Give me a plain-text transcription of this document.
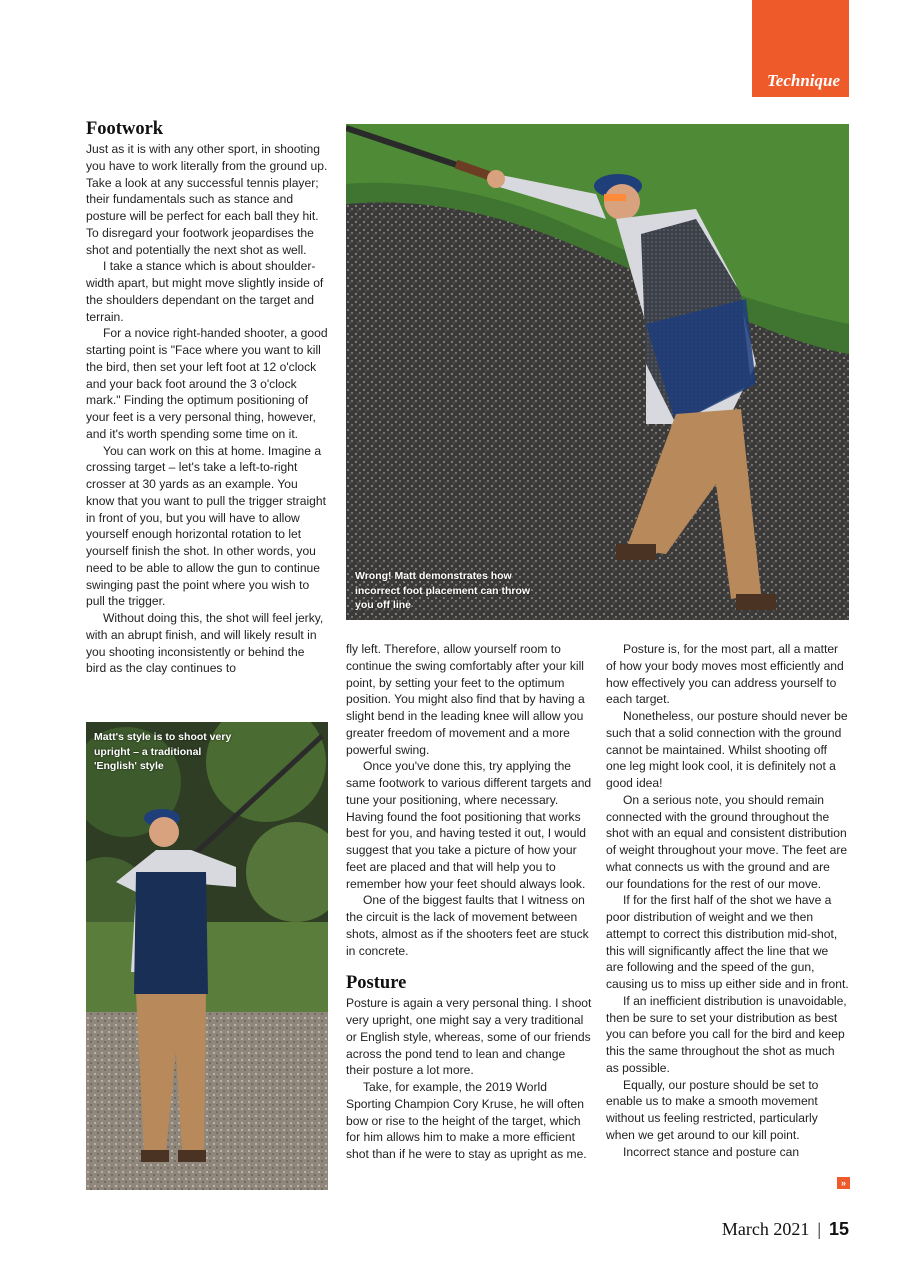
Technique
Wrong! Matt demonstrates how incorrect foot placement can throw you off line
Matt's style is to shoot very upright – a traditional 'English' style
Footwork

Just as it is with any other sport, in shooting you have to work literally from the ground up. Take a look at any successful tennis player; their fundamentals such as stance and posture will be perfect for each ball they hit. To disregard your footwork jeopardises the shot and potentially the next shot as well.

I take a stance which is about shoulder-width apart, but might move slightly inside of the shoulders dependant on the target and terrain.

For a novice right-handed shooter, a good starting point is "Face where you want to kill the bird, then set your left foot at 12 o'clock and your back foot around the 3 o'clock mark." Finding the optimum positioning of your feet is a very personal thing, however, and it's worth spending some time on it.

You can work on this at home. Imagine a crossing target – let's take a left-to-right crosser at 30 yards as an example. You know that you want to pull the trigger straight in front of you, but you will have to allow yourself enough horizontal rotation to let yourself finish the shot. In other words, you need to be able to allow the gun to continue swinging past the point where you wish to pull the trigger.

Without doing this, the shot will feel jerky, with an abrupt finish, and will likely result in you shooting inconsistently or behind the bird as the clay continues to

fly left. Therefore, allow yourself room to continue the swing comfortably after your kill point, by setting your feet to the optimum position. You might also find that by having a slight bend in the leading knee will allow you greater freedom of movement and a more powerful swing.

Once you've done this, try applying the same footwork to various different targets and tune your positioning, where necessary. Having found the foot positioning that works best for you, and having tested it out, I would suggest that you take a picture of how your feet are placed and that will help you to remember how your feet should always look.

One of the biggest faults that I witness on the circuit is the lack of movement between shots, almost as if the shooters feet are stuck in concrete.

Posture

Posture is again a very personal thing. I shoot very upright, one might say a very traditional or English style, whereas, some of our friends across the pond tend to lean and change their posture a lot more.

Take, for example, the 2019 World Sporting Champion Cory Kruse, he will often bow or rise to the height of the target, which for him allows him to make a more efficient shot than if he were to stay as upright as me.

Posture is, for the most part, all a matter of how your body moves most efficiently and how effectively you can address yourself to each target.

Nonetheless, our posture should never be such that a solid connection with the ground cannot be maintained. Whilst shooting off one leg might look cool, it is definitely not a good idea!

On a serious note, you should remain connected with the ground throughout the shot with an equal and consistent distribution of weight throughout your move. The feet are what connects us with the ground and are our foundations for the rest of our move.

If for the first half of the shot we have a poor distribution of weight and we then attempt to correct this distribution mid-shot, this will significantly affect the line that we are following and the speed of the gun, causing us to miss up either side and in front.

If an inefficient distribution is unavoidable, then be sure to set your distribution as best you can before you call for the bird and keep this the same throughout the shot as much as possible.

Equally, our posture should be set to enable us to make a smooth movement without us feeling restricted, particularly when we get around to our kill point.

Incorrect stance and posture can

»
March 2021 | 15
